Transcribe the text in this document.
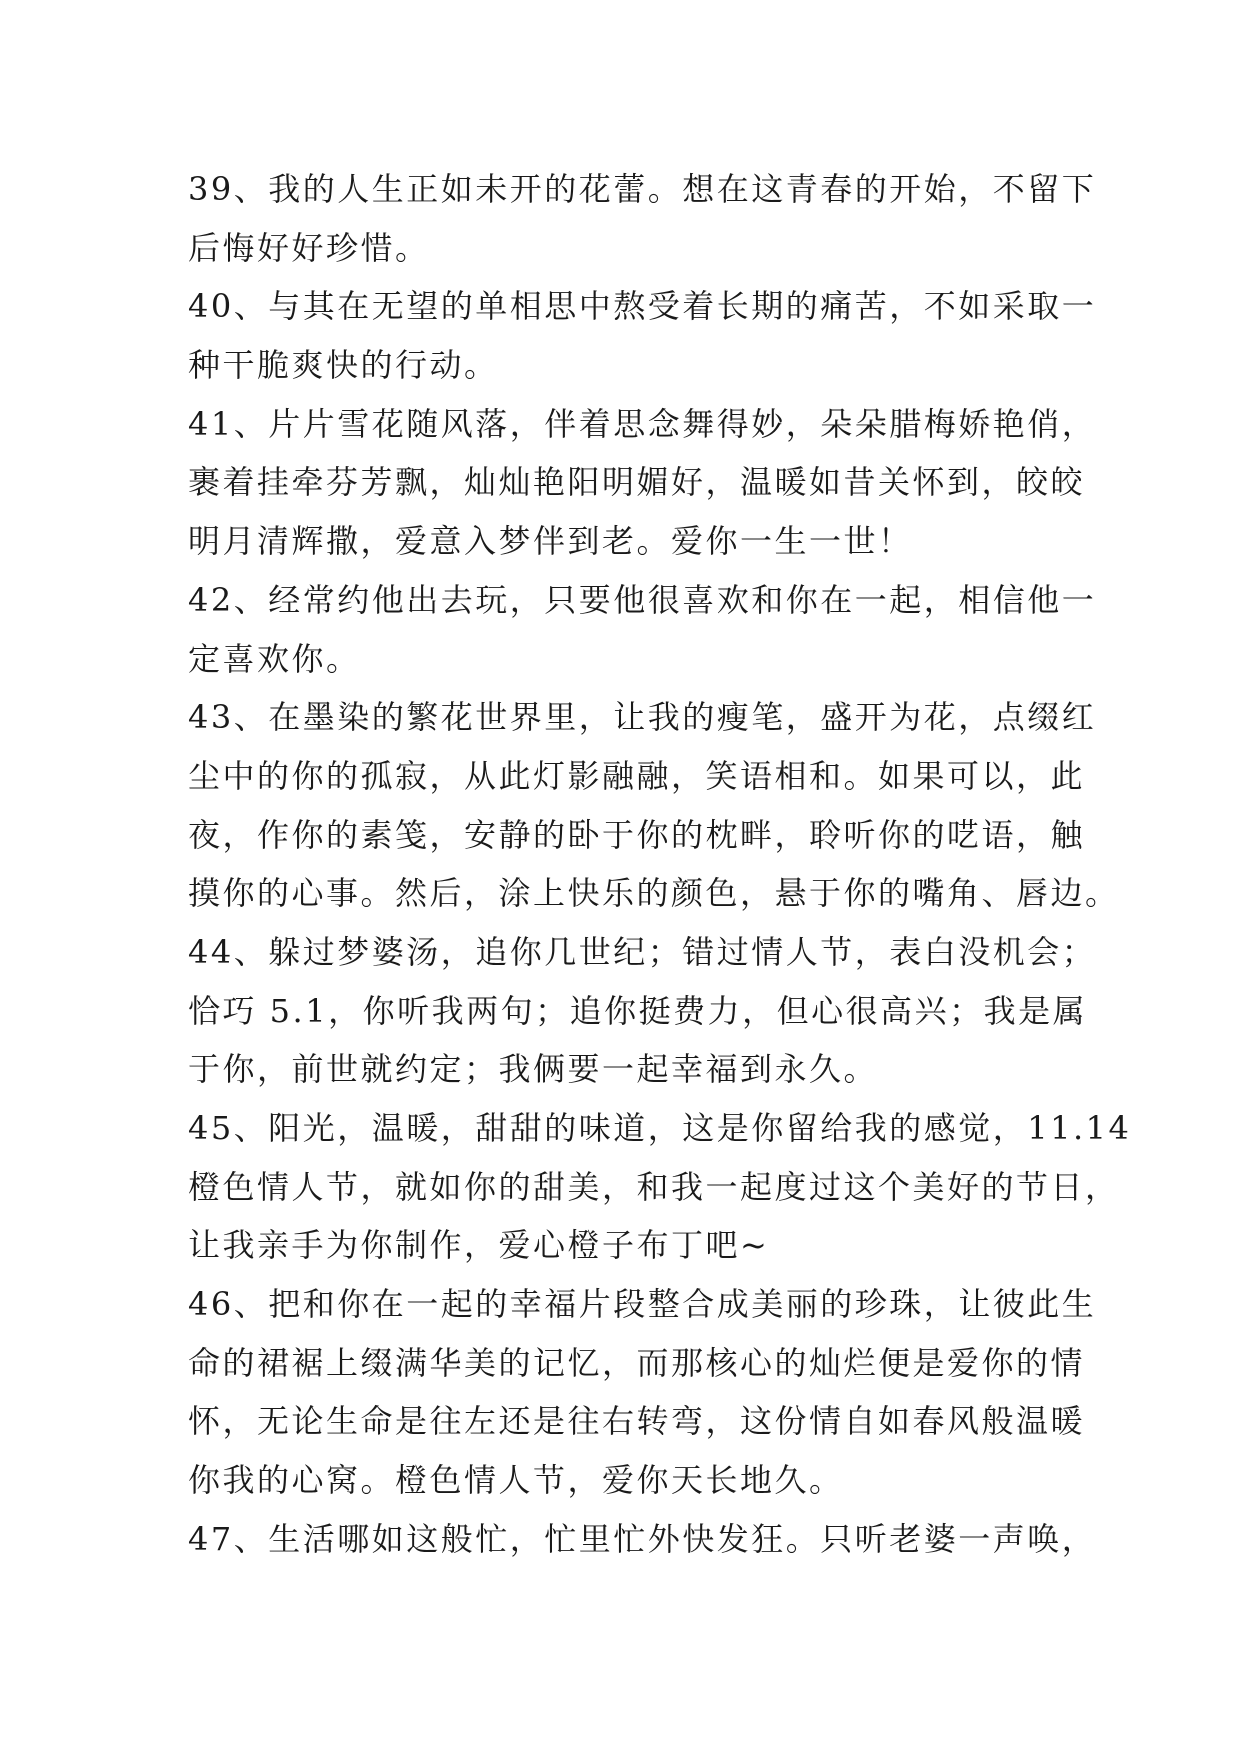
39、我的人生正如未开的花蕾。想在这青春的开始，不留下
后悔好好珍惜。
40、与其在无望的单相思中熬受着长期的痛苦，不如采取一
种干脆爽快的行动。
41、片片雪花随风落，伴着思念舞得妙，朵朵腊梅娇艳俏，
裹着挂牵芬芳飘，灿灿艳阳明媚好，温暖如昔关怀到，皎皎
明月清辉撒，爱意入梦伴到老。爱你一生一世！
42、经常约他出去玩，只要他很喜欢和你在一起，相信他一
定喜欢你。
43、在墨染的繁花世界里，让我的瘦笔，盛开为花，点缀红
尘中的你的孤寂，从此灯影融融，笑语相和。如果可以，此
夜，作你的素笺，安静的卧于你的枕畔，聆听你的呓语，触
摸你的心事。然后，涂上快乐的颜色，悬于你的嘴角、唇边。
44、躲过梦婆汤，追你几世纪；错过情人节，表白没机会；
恰巧 5.1，你听我两句；追你挺费力，但心很高兴；我是属
于你，前世就约定；我俩要一起幸福到永久。
45、阳光，温暖，甜甜的味道，这是你留给我的感觉，11.14
橙色情人节，就如你的甜美，和我一起度过这个美好的节日，
让我亲手为你制作，爱心橙子布丁吧~
46、把和你在一起的幸福片段整合成美丽的珍珠，让彼此生
命的裙裾上缀满华美的记忆，而那核心的灿烂便是爱你的情
怀，无论生命是往左还是往右转弯，这份情自如春风般温暖
你我的心窝。橙色情人节，爱你天长地久。
47、生活哪如这般忙，忙里忙外快发狂。只听老婆一声唤，
